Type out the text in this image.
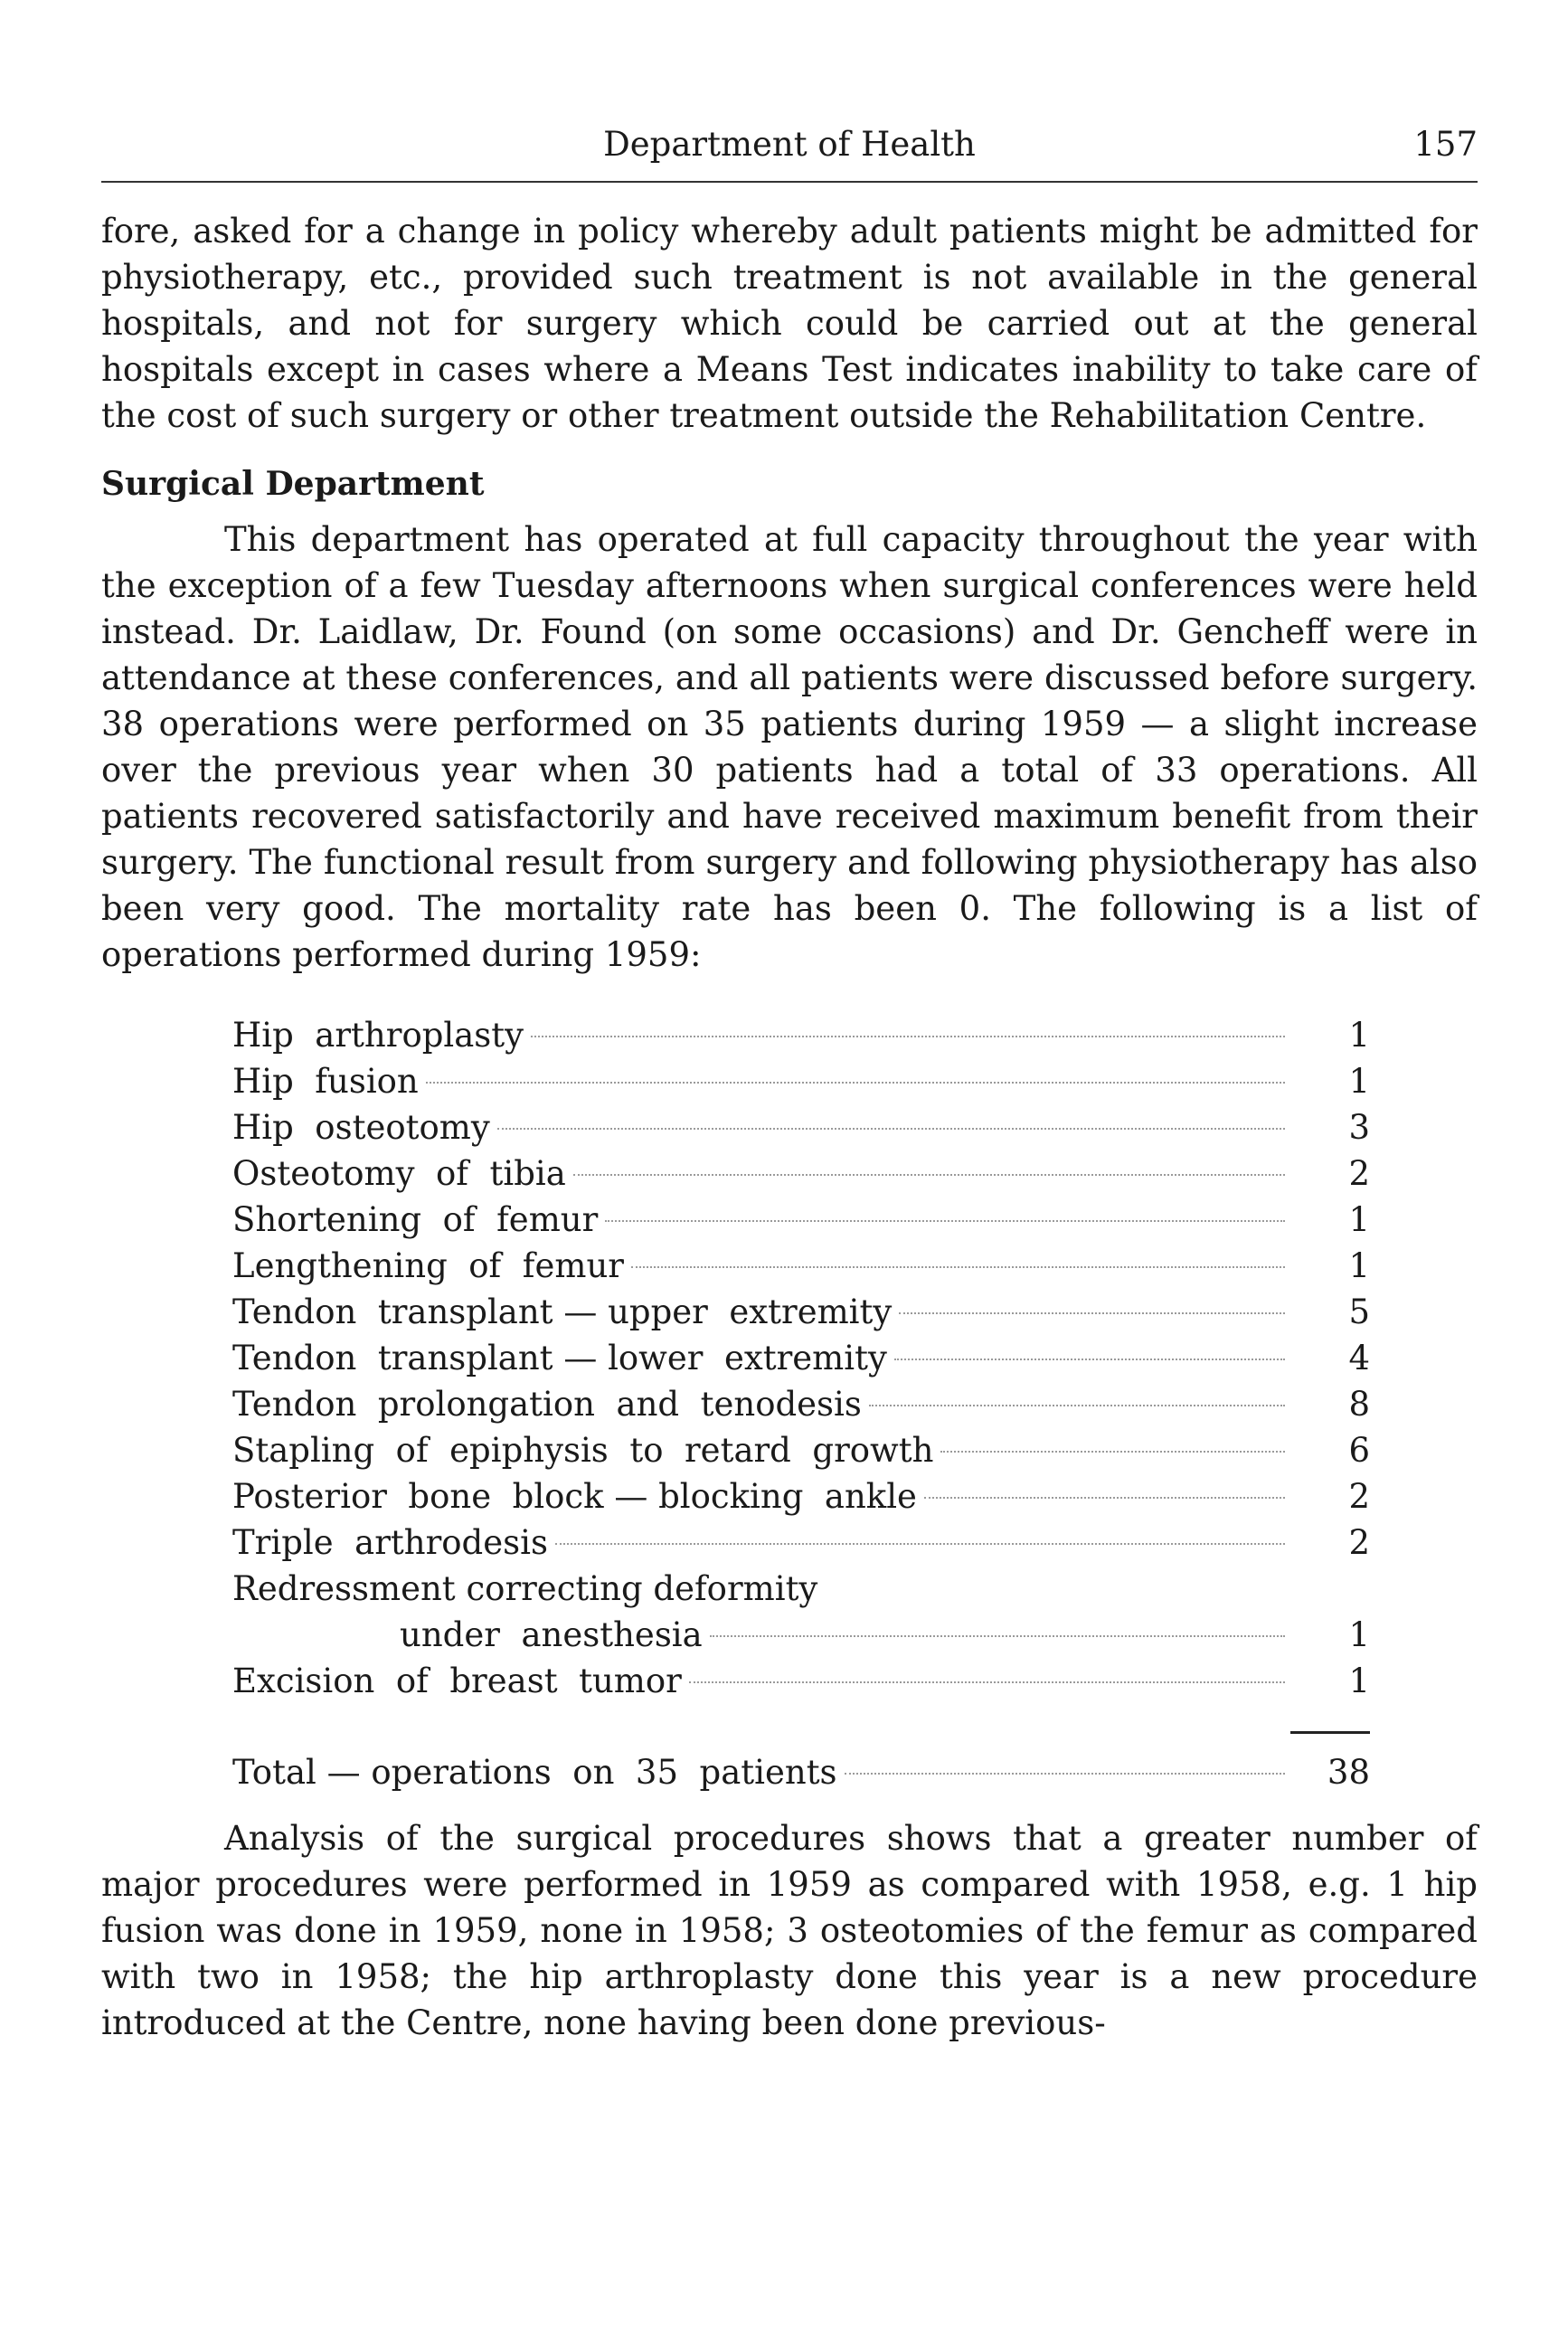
Department of Health	157

fore, asked for a change in policy whereby adult patients might be admitted for physiotherapy, etc., provided such treatment is not available in the general hospitals, and not for surgery which could be carried out at the general hospitals except in cases where a Means Test indicates inability to take care of the cost of such surgery or other treatment outside the Rehabilitation Centre.

Surgical Department

This department has operated at full capacity throughout the year with the exception of a few Tuesday afternoons when surgical conferences were held instead. Dr. Laidlaw, Dr. Found (on some occasions) and Dr. Gencheff were in attendance at these conferences, and all patients were discussed before surgery. 38 operations were performed on 35 patients during 1959 — a slight increase over the previous year when 30 patients had a total of 33 operations. All patients recovered satisfactorily and have received maximum benefit from their surgery. The functional result from surgery and following physiotherapy has also been very good. The mortality rate has been 0. The following is a list of operations performed during 1959:

Hip  arthroplasty	1
Hip  fusion	1
Hip  osteotomy	3
Osteotomy  of  tibia	2
Shortening  of  femur	1
Lengthening  of  femur	1
Tendon  transplant — upper  extremity	5
Tendon  transplant — lower  extremity	4
Tendon  prolongation  and  tenodesis	8
Stapling  of  epiphysis  to  retard  growth	6
Posterior  bone  block — blocking  ankle	2
Triple  arthrodesis	2
Redressment correcting deformity
under  anesthesia	1
Excision  of  breast  tumor	1
Total — operations  on  35  patients	38

Analysis of the surgical procedures shows that a greater number of major procedures were performed in 1959 as compared with 1958, e.g. 1 hip fusion was done in 1959, none in 1958; 3 osteotomies of the femur as compared with two in 1958; the hip arthroplasty done this year is a new procedure introduced at the Centre, none having been done previous-
